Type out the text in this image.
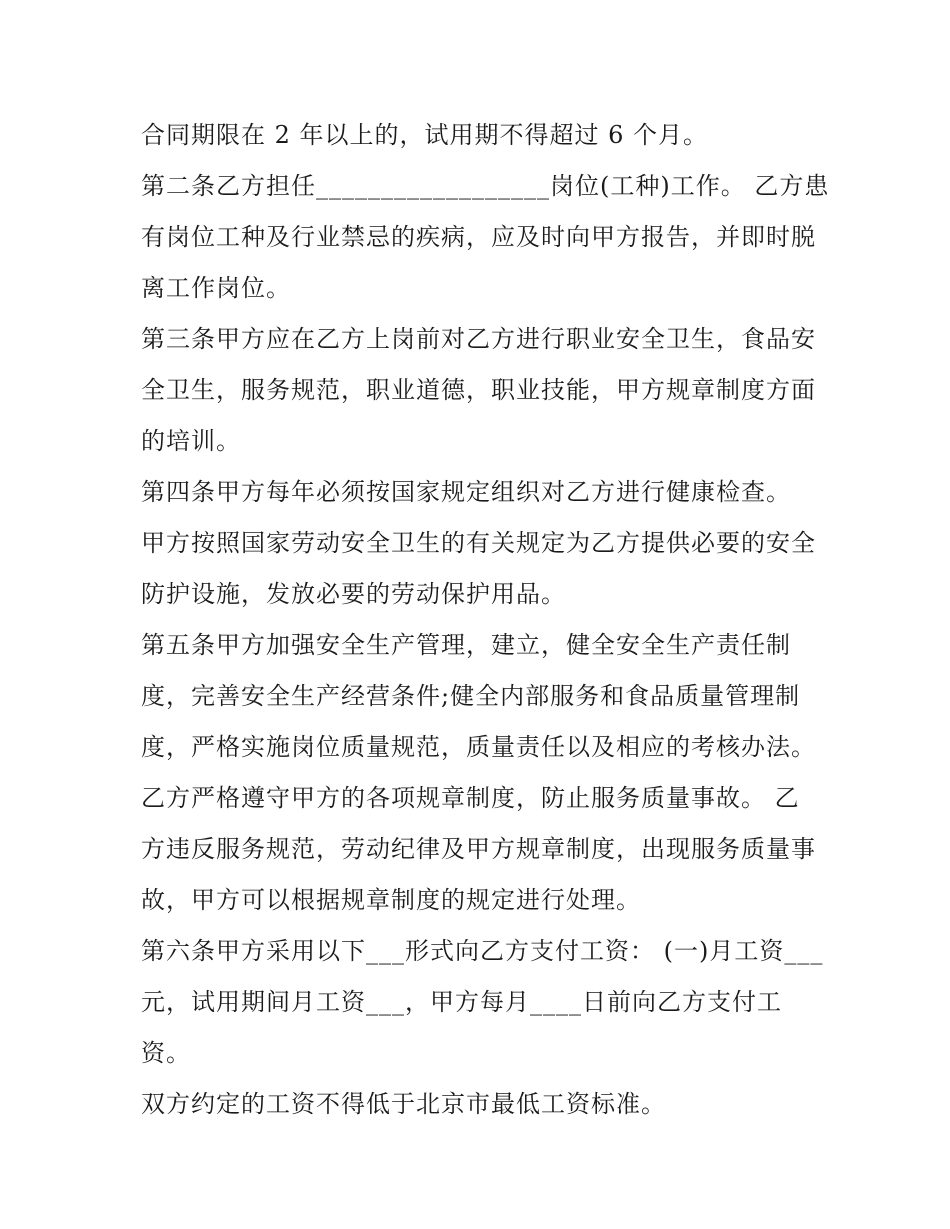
合同期限在 2 年以上的，试用期不得超过 6 个月。
第二条乙方担任__________________岗位(工种)工作。 乙方患
有岗位工种及行业禁忌的疾病，应及时向甲方报告，并即时脱
离工作岗位。
第三条甲方应在乙方上岗前对乙方进行职业安全卫生，食品安
全卫生，服务规范，职业道德，职业技能，甲方规章制度方面
的培训。
第四条甲方每年必须按国家规定组织对乙方进行健康检查。
甲方按照国家劳动安全卫生的有关规定为乙方提供必要的安全
防护设施，发放必要的劳动保护用品。
第五条甲方加强安全生产管理，建立，健全安全生产责任制
度，完善安全生产经营条件;健全内部服务和食品质量管理制
度，严格实施岗位质量规范，质量责任以及相应的考核办法。
乙方严格遵守甲方的各项规章制度，防止服务质量事故。 乙
方违反服务规范，劳动纪律及甲方规章制度，出现服务质量事
故，甲方可以根据规章制度的规定进行处理。
第六条甲方采用以下___形式向乙方支付工资： (一)月工资___
元，试用期间月工资___，甲方每月____日前向乙方支付工
资。
双方约定的工资不得低于北京市最低工资标准。
